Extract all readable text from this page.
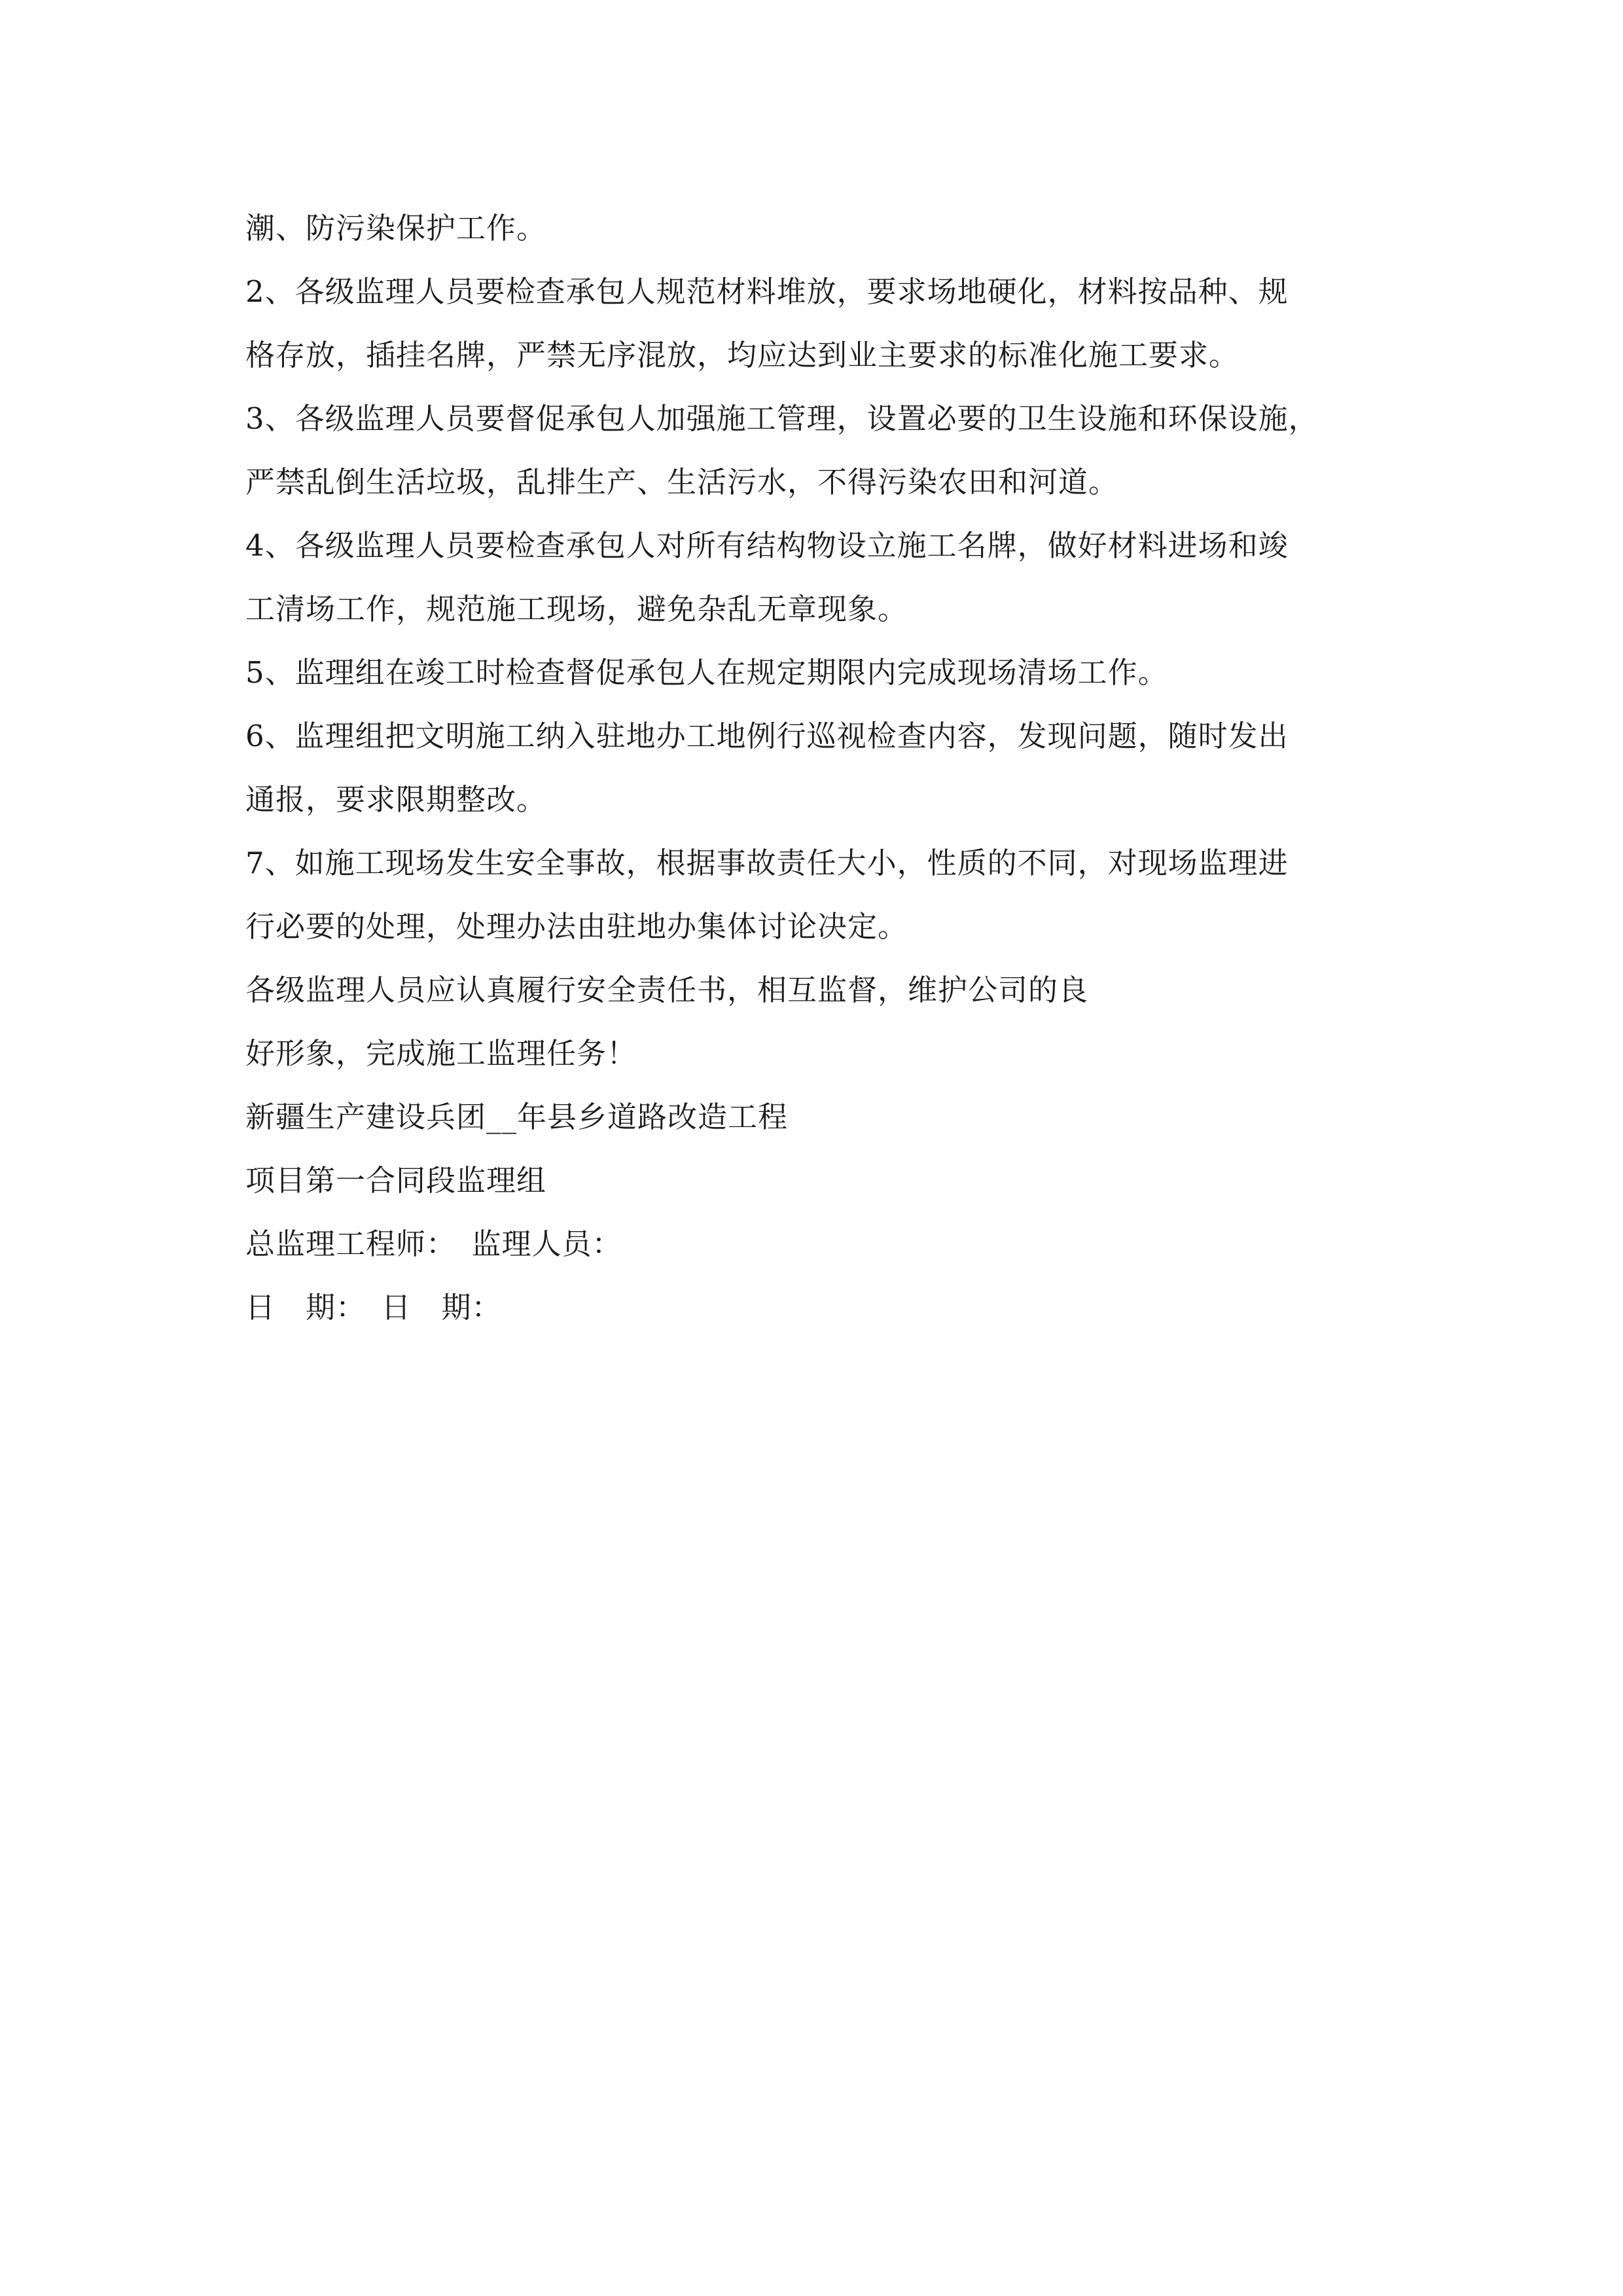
潮、防污染保护工作。
2、各级监理人员要检查承包人规范材料堆放，要求场地硬化，材料按品种、规
格存放，插挂名牌，严禁无序混放，均应达到业主要求的标准化施工要求。
3、各级监理人员要督促承包人加强施工管理，设置必要的卫生设施和环保设施，
严禁乱倒生活垃圾，乱排生产、生活污水，不得污染农田和河道。
4、各级监理人员要检查承包人对所有结构物设立施工名牌，做好材料进场和竣
工清场工作，规范施工现场，避免杂乱无章现象。
5、监理组在竣工时检查督促承包人在规定期限内完成现场清场工作。
6、监理组把文明施工纳入驻地办工地例行巡视检查内容，发现问题，随时发出
通报，要求限期整改。
7、如施工现场发生安全事故，根据事故责任大小，性质的不同，对现场监理进
行必要的处理，处理办法由驻地办集体讨论决定。
各级监理人员应认真履行安全责任书，相互监督，维护公司的良
好形象，完成施工监理任务！
新疆生产建设兵团__年县乡道路改造工程
项目第一合同段监理组
总监理工程师：　监理人员：
日　期：　日　期：
